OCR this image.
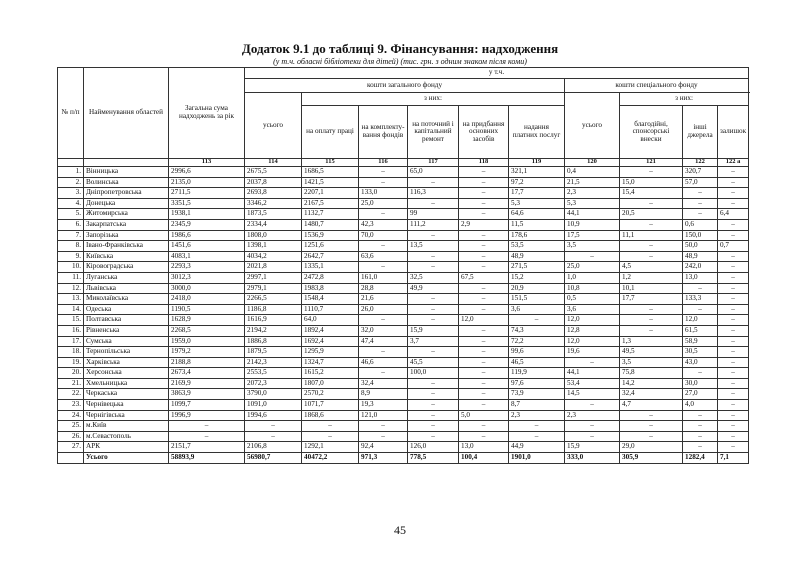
Додаток 9.1 до таблиці 9. Фінансування: надходження
(у т.ч. обласні бібліотеки для дітей) (тис. грн. з одним знаком після коми)
№ п/п	Найменування областей	Загальна сума надходжень за рік	у т.ч.									
			кошти загального фонду						кошти спеціального фонду			
			усього	з них:					усього	з них:		
				на оплату праці	на комплекту-вання фондів	на поточний і капітальний ремонт	на придбання основних засобів	надання платних послуг		благодійні, спонсорські внески	інші джерела	залишок
		113	114	115	116	117	118	119	120	121	122	122 а
1.	Вінницька	2996,6	2675,5	1686,5	–	65,0	–	321,1	0,4	–	320,7	–
2.	Волинська	2135,0	2037,8	1421,5	–	–	–	97,2	21,5	15,0	57,0	–
3.	Дніпропетровська	2711,5	2693,8	2207,1	133,0	116,3	–	17,7	2,3	15,4	–	–
4.	Донецька	3351,5	3346,2	2167,5	25,0	–	–	5,3	5,3	–	–	–
5.	Житомирська	1938,1	1873,5	1132,7	–	99	–	64,6	44,1	20,5	–	6,4
6.	Закарпатська	2345,9	2334,4	1480,7	42,3	111,2	2,9	11,5	10,9	–	0,6	–
7.	Запорізька	1986,6	1808,0	1536,9	70,0	–	–	178,6	17,5	11,1	150,0	–
8.	Івано-Франківська	1451,6	1398,1	1251,6	–	13,5	–	53,5	3,5	–	50,0	0,7
9.	Київська	4083,1	4034,2	2642,7	63,6	–	–	48,9	–	–	48,9	–
10.	Кіровоградська	2293,3	2021,8	1335,1	–	–	–	271,5	25,0	4,5	242,0	–
11.	Луганська	3012,3	2997,1	2472,8	161,0	32,5	67,5	15,2	1,0	1,2	13,0	–
12.	Львівська	3000,0	2979,1	1983,8	28,8	49,9	–	20,9	10,8	10,1	–	–
13.	Миколаївська	2418,0	2266,5	1548,4	21,6	–	–	151,5	0,5	17,7	133,3	–
14.	Одеська	1190,5	1186,8	1110,7	26,0	–	–	3,6	3,6	–	–	–
15.	Полтавська	1628,9	1616,9	64,0	–	–	12,0	–	12,0	–	12,0	–
16.	Рівненська	2268,5	2194,2	1892,4	32,0	15,9	–	74,3	12,8	–	61,5	–
17.	Сумська	1959,0	1886,8	1692,4	47,4	3,7	–	72,2	12,0	1,3	58,9	–
18.	Тернопільська	1979,2	1879,5	1295,9	–	–	–	99,6	19,6	49,5	30,5	–
19.	Харківська	2188,8	2142,3	1324,7	46,6	45,5	–	46,5	–	3,5	43,0	–
20.	Херсонська	2673,4	2553,5	1615,2	–	100,0	–	119,9	44,1	75,8	–	–
21.	Хмельницька	2169,9	2072,3	1807,0	32,4	–	–	97,6	53,4	14,2	30,0	–
22.	Черкаська	3863,9	3790,0	2570,2	8,9	–	–	73,9	14,5	32,4	27,0	–
23.	Чернівецька	1099,7	1091,0	1071,7	19,3	–	–	8,7	–	4,7	4,0	–
24.	Чернігівська	1996,9	1994,6	1868,6	121,0	–	5,0	2,3	2,3	–	–	–
25.	м.Київ	–	–	–	–	–	–	–	–	–	–	–
26.	м.Севастополь	–	–	–	–	–	–	–	–	–	–	–
27.	АРК	2151,7	2106,8	1292,1	92,4	126,0	13,0	44,9	15,9	29,0	–	–
	Усього	58893,9	56980,7	40472,2	971,3	778,5	100,4	1901,0	333,0	305,9	1282,4	7,1
45
